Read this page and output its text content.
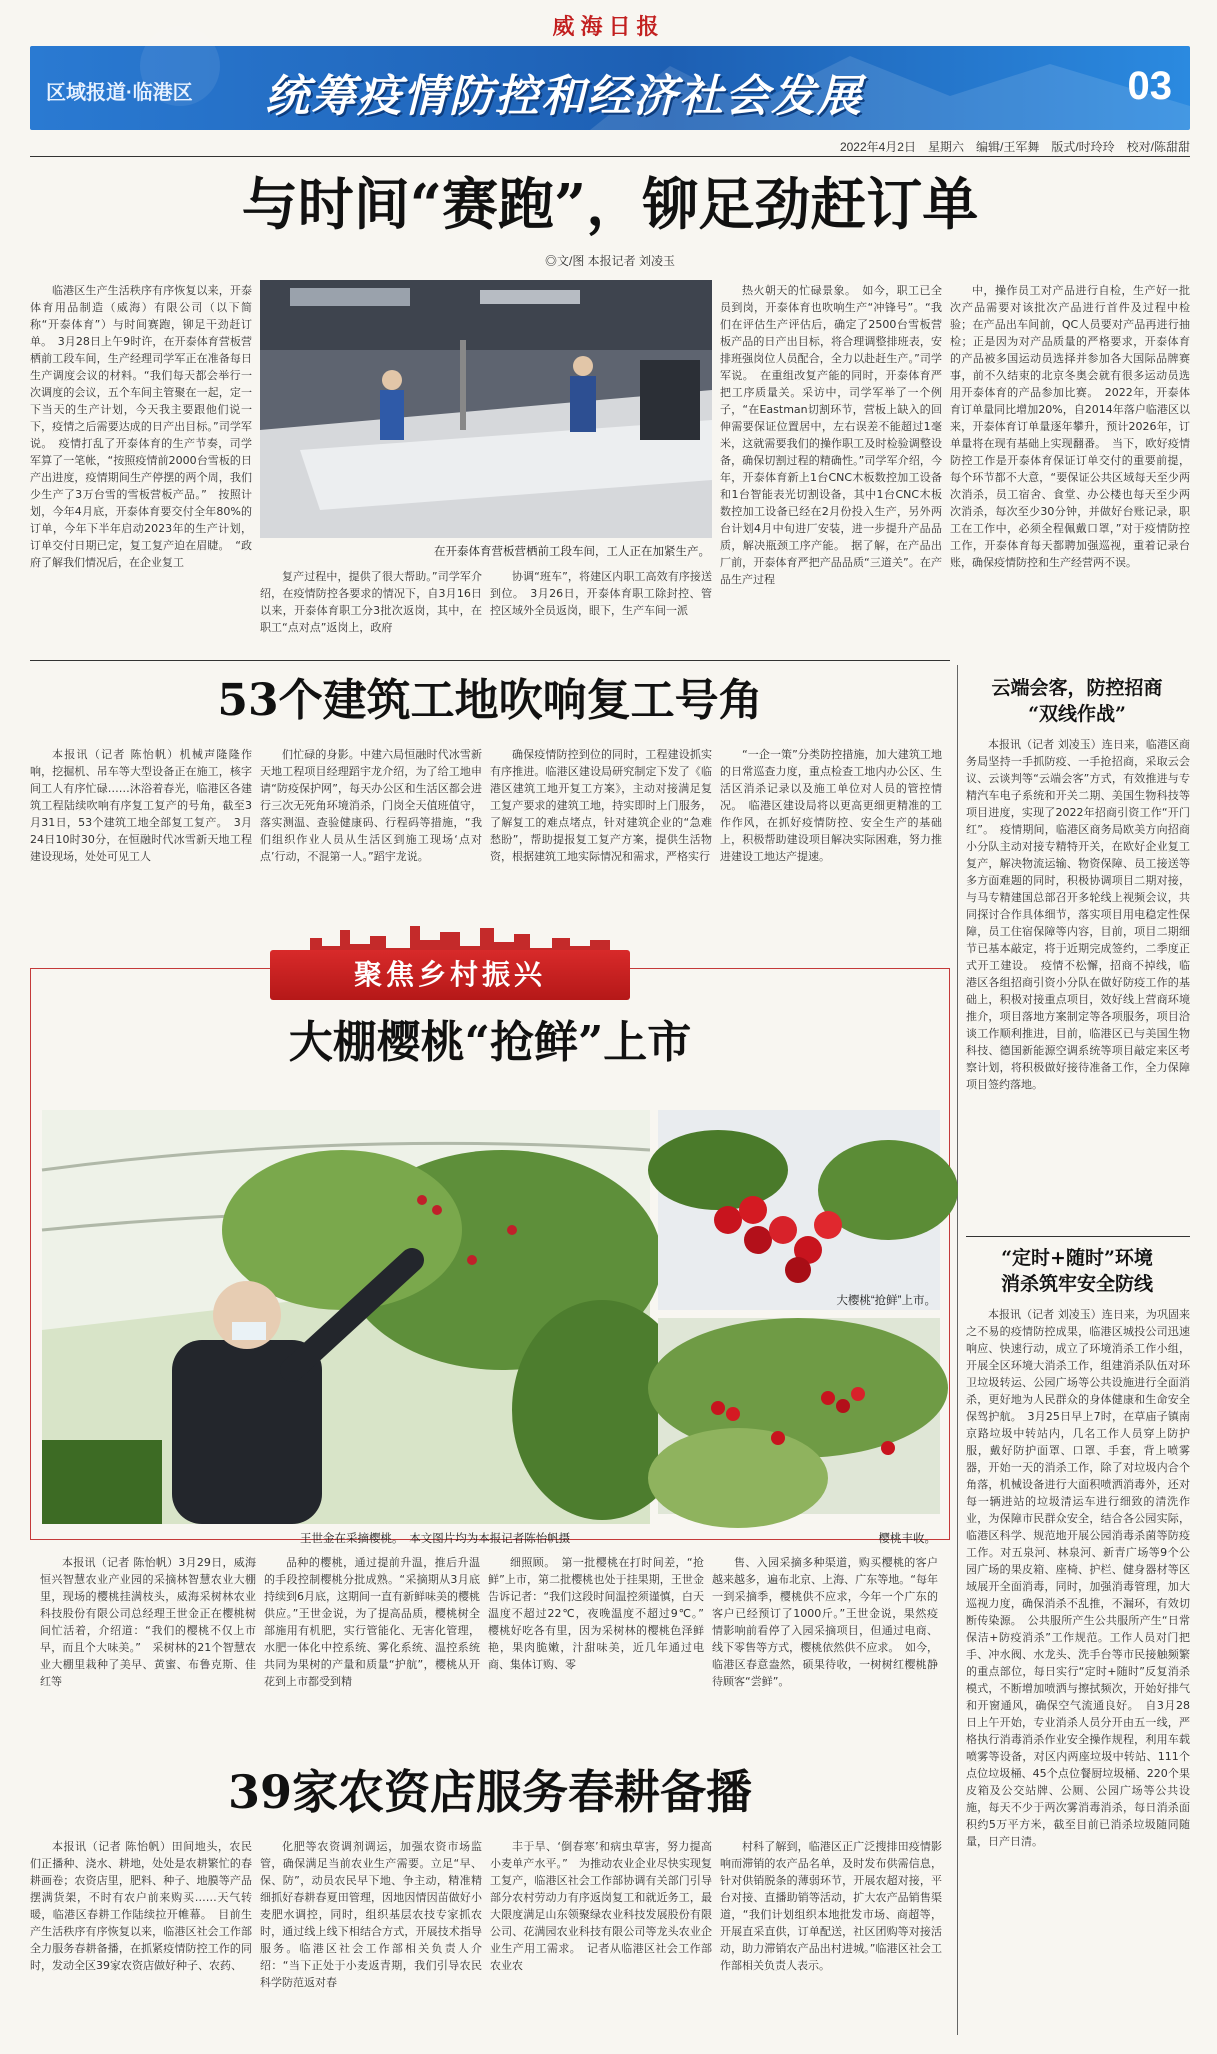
威海日报
区域报道·临港区 统筹疫情防控和经济社会发展	03
2022年4月2日　星期六　编辑/王军舞　版式/时玲玲　校对/陈甜甜
与时间“赛跑”，铆足劲赶订单
◎文/图 本报记者 刘凌玉

临港区生产生活秩序有序恢复以来，开泰体育用品制造（威海）有限公司（以下简称“开泰体育”）与时间赛跑，铆足干劲赶订单。　3月28日上午9时许，在开泰体育营板营栖前工段车间，生产经理司学军正在准备每日生产调度会议的材料。“我们每天都会举行一次调度的会议，五个车间主管聚在一起，定一下当天的生产计划，今天我主要跟他们说一下，疫情之后需要达成的日产出目标。”司学军说。　疫情打乱了开泰体育的生产节奏，司学军算了一笔帐，“按照疫情前2000台雪板的日产出进度，疫情期间生产停摆的两个周，我们少生产了3万台雪的雪板营板产品。”　按照计划，今年4月底，开泰体育要交付全年80%的订单，今年下半年启动2023年的生产计划，订单交付日期已定，复工复产迫在眉睫。　“政府了解我们情况后，在企业复工

在开泰体育营板营栖前工段车间，工人正在加紧生产。

复产过程中，提供了很大帮助。”司学军介绍，在疫情防控各要求的情况下，自3月16日以来，开泰体育职工分3批次返岗，其中，在职工“点对点”返岗上，政府

协调“班车”，将建区内职工高效有序接送到位。　3月26日，开泰体育职工除封控、管控区域外全员返岗，眼下，生产车间一派

热火朝天的忙碌景象。　如今，职工已全员到岗，开泰体育也吹响生产“冲锋号”。“我们在评估生产评估后，确定了2500台雪板营板产品的日产出目标，将合理调整排班表，安排班强岗位人员配合，全力以赴赶生产。”司学军说。　在重组改复产能的同时，开泰体育严把工序质量关。采访中，司学军举了一个例子，“在Eastman切割环节，营板上缺入的回伸需要保证位置居中，左右误差不能超过1毫米，这就需要我们的操作职工及时检验调整设备，确保切割过程的精确性。”司学军介绍，今年，开泰体育新上1台CNC木板数控加工设备和1台智能表光切割设备，其中1台CNC木板数控加工设备已经在2月份投入生产，另外两台计划4月中旬进厂安装，进一步提升产品品质，解决瓶颈工序产能。　据了解，在产品出厂前，开泰体育严把产品品质“三道关”。在产品生产过程

中，操作员工对产品进行自检，生产好一批次产品需要对该批次产品进行首件及过程中检验；在产品出车间前，QC人员要对产品再进行抽检；正是因为对产品质量的严格要求，开泰体育的产品被多国运动员选择并参加各大国际品牌赛事，前不久结束的北京冬奥会就有很多运动员选用开泰体育的产品参加比赛。　2022年，开泰体育订单量同比增加20%，自2014年落户临港区以来，开泰体育订单量逐年攀升，预计2026年，订单量将在现有基础上实现翻番。　当下，欧好疫情防控工作是开泰体育保证订单交付的重要前提，每个环节都不大意，“要保证公共区域每天至少两次消杀，员工宿舍、食堂、办公楼也每天至少两次消杀，每次至少30分钟，并做好台账记录，职工在工作中，必须全程佩戴口罩，”对于疫情防控工作，开泰体育每天都聘加强巡视，重着记录台账，确保疫情防控和生产经营两不误。

53个建筑工地吹响复工号角

本报讯（记者 陈怡帆）机械声隆隆作响，挖掘机、吊车等大型设备正在施工，核字间工人有序忙碌……沐浴着春光，临港区各建筑工程陆续吹响有序复工复产的号角，截至3月31日，53个建筑工地全部复工复产。　3月24日10时30分，在恒融时代冰雪新天地工程建设现场，处处可见工人

们忙碌的身影。中建六局恒融时代冰雪新天地工程项目经理蹈宇龙介绍，为了给工地申请“防疫保护网”，每天办公区和生活区都会进行三次无死角环境消杀，门岗全天值班值守，落实测温、查验健康码、行程码等措施，“我们组织作业人员从生活区到施工现场‘点对点’行动，不混第一人。”蹈宇龙说。

确保疫情防控到位的同时，工程建设抓实有序推进。临港区建设局研究制定下发了《临港区建筑工地开复工方案》，主动对接满足复工复产要求的建筑工地，持实即时上门服务，了解复工的难点堵点，针对建筑企业的“急难愁盼”，帮助提报复工复产方案，提供生活物资，根据建筑工地实际情况和需求，严格实行

“一企一策”分类防控措施，加大建筑工地的日常巡查力度，重点检查工地内办公区、生活区消杀记录以及施工单位对人员的管控情况。　临港区建设局将以更高更细更精准的工作作风，在抓好疫情防控、安全生产的基础上，积极帮助建设项目解决实际困难，努力推进建设工地达产提速。

聚焦乡村振兴
大棚樱桃“抢鲜”上市
大樱桃“抢鲜”上市。
王世金在采摘樱桃。　本文图片均为本报记者陈怡帆摄	樱桃丰收。

本报讯（记者 陈怡帆）3月29日，威海恒兴智慧农业产业园的采摘林智慧农业大棚里，现场的樱桃挂满枝头，威海采树林农业科技股份有限公司总经理王世金正在樱桃树间忙活着，介绍道：“我们的樱桃不仅上市早，而且个大味美。”　采树林的21个智慧农业大棚里栽种了美早、黄蜜、布鲁克斯、佳红等

品种的樱桃，通过提前升温，推后升温的手段控制樱桃分批成熟。“采摘期从3月底持续到6月底，这期间一直有新鲜味美的樱桃供应。”王世金说，为了提高品质，樱桃树全部施用有机肥，实行管能化、无害化管理，水肥一体化中控系统、雾化系统、温控系统共同为果树的产量和质量“护航”，樱桃从开花到上市都受到精

细照顾。　第一批樱桃在打时间差，“抢鲜”上市，第二批樱桃也处于挂果期，王世金告诉记者：“我们这段时间温控须谨慎，白天温度不超过22℃，夜晚温度不超过9℃。”　樱桃好吃各有里，因为采树林的樱桃色泽鲜艳，果肉脆嫩，汁甜味美，近几年通过电商、集体订购、零

售、入园采摘多种渠道，购买樱桃的客户越来越多，遍布北京、上海、广东等地。“每年一到采摘季，樱桃供不应求，今年一个广东的客户已经预订了1000斤。”王世金说，果然疫情影响前看停了入园采摘项目，但通过电商、线下零售等方式，樱桃依然供不应求。　如今，临港区春意盎然，硕果待收，一树树红樱桃静待顾客“尝鲜”。

39家农资店服务春耕备播

本报讯（记者 陈怡帆）田间地头，农民们正播种、浇水、耕地，处处是农耕繁忙的春耕画卷；农资店里，肥料、种子、地膜等产品摆满货架，不时有农户前来购买……天气转暖，临港区春耕工作陆续拉开帷幕。　目前生产生活秩序有序恢复以来，临港区社会工作部全力服务春耕备播，在抓紧疫情防控工作的同时，发动全区39家农资店做好种子、农药、

化肥等农资调剂调运，加强农资市场监管，确保满足当前农业生产需要。立足“早、保、防”，动员农民早下地、争主动，精准精细抓好春耕春夏田管理，因地因情因苗做好小麦肥水调控，同时，组织基层农技专家抓农时，通过线上线下相结合方式，开展技术指导服务。临港区社会工作部相关负责人介绍：“当下正处于小麦返青期，我们引导农民科学防范返对春

丰于旱、‘倒春寒’和病虫草害，努力提高小麦单产水平。”　为推动农业企业尽快实现复工复产，临港区社会工作部协调有关部门引导部分农村劳动力有序返岗复工和就近务工，最大限度满足山东领聚绿农业科技发展股份有限公司、花满园农业科技有限公司等龙头农业企业生产用工需求。　记者从临港区社会工作部农业农

村科了解到，临港区正广泛搜排田疫情影响而滞销的农产品名单，及时发布供需信息，针对供销脱条的薄弱环节，开展农超对接，平台对接、直播助销等活动，扩大农产品销售渠道，“我们计划组织本地批发市场、商超等，开展直采直供，订单配送，社区团购等对接活动，助力滞销农产品出村进城。”临港区社会工作部相关负责人表示。

云端会客，防控招商
“双线作战”

本报讯（记者 刘凌玉）连日来，临港区商务局坚持一手抓防疫、一手抢招商，采取云会议、云谈判等“云端会客”方式，有效推进与专精汽车电子系统和开关二期、美国生物科技等项目进度，实现了2022年招商引资工作“开门红”。　疫情期间，临港区商务局欧美方向招商小分队主动对接专精特开关，在欧好企业复工复产，解决物流运输、物资保障、员工接送等多方面难题的同时，积极协调项目二期对接，与马专精建国总部召开多轮线上视频会议，共同探讨合作具体细节，落实项目用电稳定性保障，员工住宿保障等内容，目前，项目二期细节已基本敲定，将于近期完成签约，二季度正式开工建设。　疫情不松懈，招商不掉线，临港区各组招商引资小分队在做好防疫工作的基础上，积极对接重点项目，效好线上营商环境推介，项目落地方案制定等各项服务，项目洽谈工作顺利推进，目前，临港区已与美国生物科技、德国新能源空调系统等项目敲定来区考察计划，将积极做好接待准备工作，全力保障项目签约落地。

“定时+随时”环境
消杀筑牢安全防线

本报讯（记者 刘凌玉）连日来，为巩固来之不易的疫情防控成果，临港区城投公司迅速响应、快速行动，成立了环境消杀工作小组，开展全区环境大消杀工作，组建消杀队伍对环卫垃圾转运、公园广场等公共设施进行全面消杀，更好地为人民群众的身体健康和生命安全保驾护航。　3月25日早上7时，在草庙子镇南京路垃圾中转站内，几名工作人员穿上防护服，戴好防护面罩、口罩、手套，背上喷雾器，开始一天的消杀工作，除了对垃圾内合个角落，机械设备进行大面积喷洒消毒外，还对每一辆进站的垃圾清运车进行细致的清洗作业，为保障市民群众安全，结合各公园实际，临港区科学、规范地开展公园消毒杀菌等防疫工作。对五泉河、林泉河、新青广场等9个公园广场的果皮箱、座椅、护栏、健身器材等区域展开全面消毒，同时，加强消毒管理，加大巡视力度，确保消杀不乱推，不漏环，有效切断传染源。　公共服所产生公共服所产生“日常保洁+防疫消杀”工作规范。工作人员对门把手、冲水阀、水龙头、洗手台等市民接触频繁的重点部位，每日实行“定时+随时”反复消杀模式，不断增加喷洒与擦拭频次，开始好排气和开窗通风，确保空气流通良好。　自3月28日上午开始，专业消杀人员分开由五一线，严格执行消毒消杀作业安全操作规程，利用车载喷雾等设备，对区内两座垃圾中转站、111个点位垃圾桶、45个点位餐厨垃圾桶、220个果皮箱及公交站牌、公厕、公园广场等公共设施，每天不少于两次雾消毒消杀，每日消杀面积约5万平方米，截至目前已消杀垃圾随同随量，日产日清。
